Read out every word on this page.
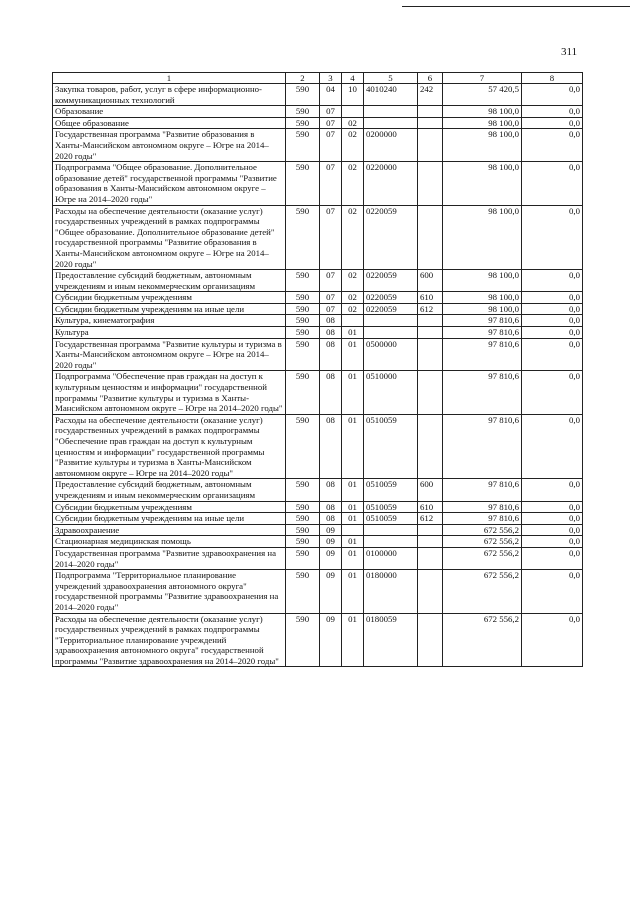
311
1	2	3	4	5	6	7	8
Закупка товаров, работ, услуг в сфере информационно-коммуникационных технологий	590	04	10	4010240	242	57 420,5	0,0
Образование	590	07				98 100,0	0,0
Общее образование	590	07	02			98 100,0	0,0
Государственная программа "Развитие образования в Ханты-Мансийском автономном округе – Югре на 2014–2020 годы"	590	07	02	0200000		98 100,0	0,0
Подпрограмма "Общее образование. Дополнительное образование детей" государственной программы "Развитие образования в Ханты-Мансийском автономном округе – Югре на 2014–2020 годы"	590	07	02	0220000		98 100,0	0,0
Расходы на обеспечение деятельности (оказание услуг) государственных учреждений в рамках подпрограммы "Общее образование. Дополнительное образование детей" государственной программы "Развитие образования в Ханты-Мансийском автономном округе – Югре на 2014–2020 годы"	590	07	02	0220059		98 100,0	0,0
Предоставление субсидий бюджетным, автономным учреждениям и иным некоммерческим организациям	590	07	02	0220059	600	98 100,0	0,0
Субсидии бюджетным учреждениям	590	07	02	0220059	610	98 100,0	0,0
Субсидии бюджетным учреждениям на иные цели	590	07	02	0220059	612	98 100,0	0,0
Культура, кинематография	590	08				97 810,6	0,0
Культура	590	08	01			97 810,6	0,0
Государственная программа "Развитие культуры и туризма в Ханты-Мансийском автономном округе – Югре на 2014–2020 годы"	590	08	01	0500000		97 810,6	0,0
Подпрограмма "Обеспечение прав граждан на доступ к культурным ценностям и информации" государственной программы "Развитие культуры и туризма в Ханты-Мансийском автономном округе – Югре на 2014–2020 годы"	590	08	01	0510000		97 810,6	0,0
Расходы на обеспечение деятельности (оказание услуг) государственных учреждений в рамках подпрограммы "Обеспечение прав граждан на доступ к культурным ценностям и информации" государственной программы "Развитие культуры и туризма в Ханты-Мансийском автономном округе – Югре на 2014–2020 годы"	590	08	01	0510059		97 810,6	0,0
Предоставление субсидий бюджетным, автономным учреждениям и иным некоммерческим организациям	590	08	01	0510059	600	97 810,6	0,0
Субсидии бюджетным учреждениям	590	08	01	0510059	610	97 810,6	0,0
Субсидии бюджетным учреждениям на иные цели	590	08	01	0510059	612	97 810,6	0,0
Здравоохранение	590	09				672 556,2	0,0
Стационарная медицинская помощь	590	09	01			672 556,2	0,0
Государственная программа "Развитие здравоохранения на 2014–2020 годы"	590	09	01	0100000		672 556,2	0,0
Подпрограмма "Территориальное планирование учреждений здравоохранения автономного округа" государственной программы "Развитие здравоохранения на 2014–2020 годы"	590	09	01	0180000		672 556,2	0,0
Расходы на обеспечение деятельности (оказание услуг) государственных учреждений в рамках подпрограммы "Территориальное планирование учреждений здравоохранения автономного округа" государственной программы "Развитие здравоохранения на 2014–2020 годы"	590	09	01	0180059		672 556,2	0,0
